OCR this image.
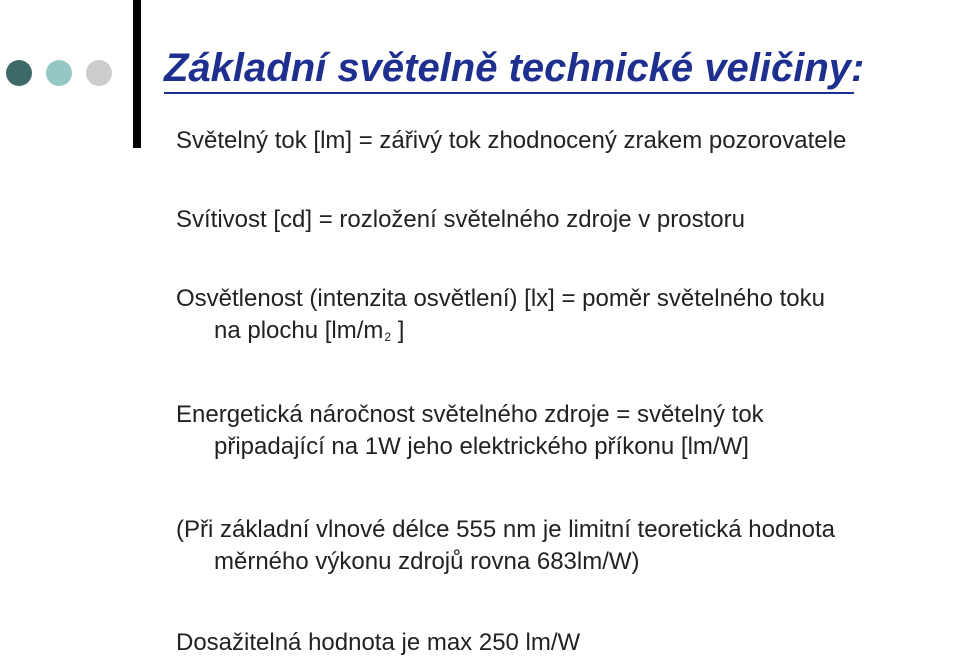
Základní světelně technické veličiny:

Světelný tok [lm] = zářivý tok zhodnocený zrakem pozorovatele

Svítivost [cd] = rozložení světelného zdroje v prostoru

Osvětlenost (intenzita osvětlení) [lx] = poměr světelného toku
na plochu [$lm/m^2$ ]

Energetická náročnost světelného zdroje = světelný tok
připadající na 1W jeho elektrického příkonu [lm/W]

(Při základní vlnové délce 555 nm je limitní teoretická hodnota
měrného výkonu zdrojů rovna 683lm/W)

Dosažitelná hodnota je max 250 lm/W
